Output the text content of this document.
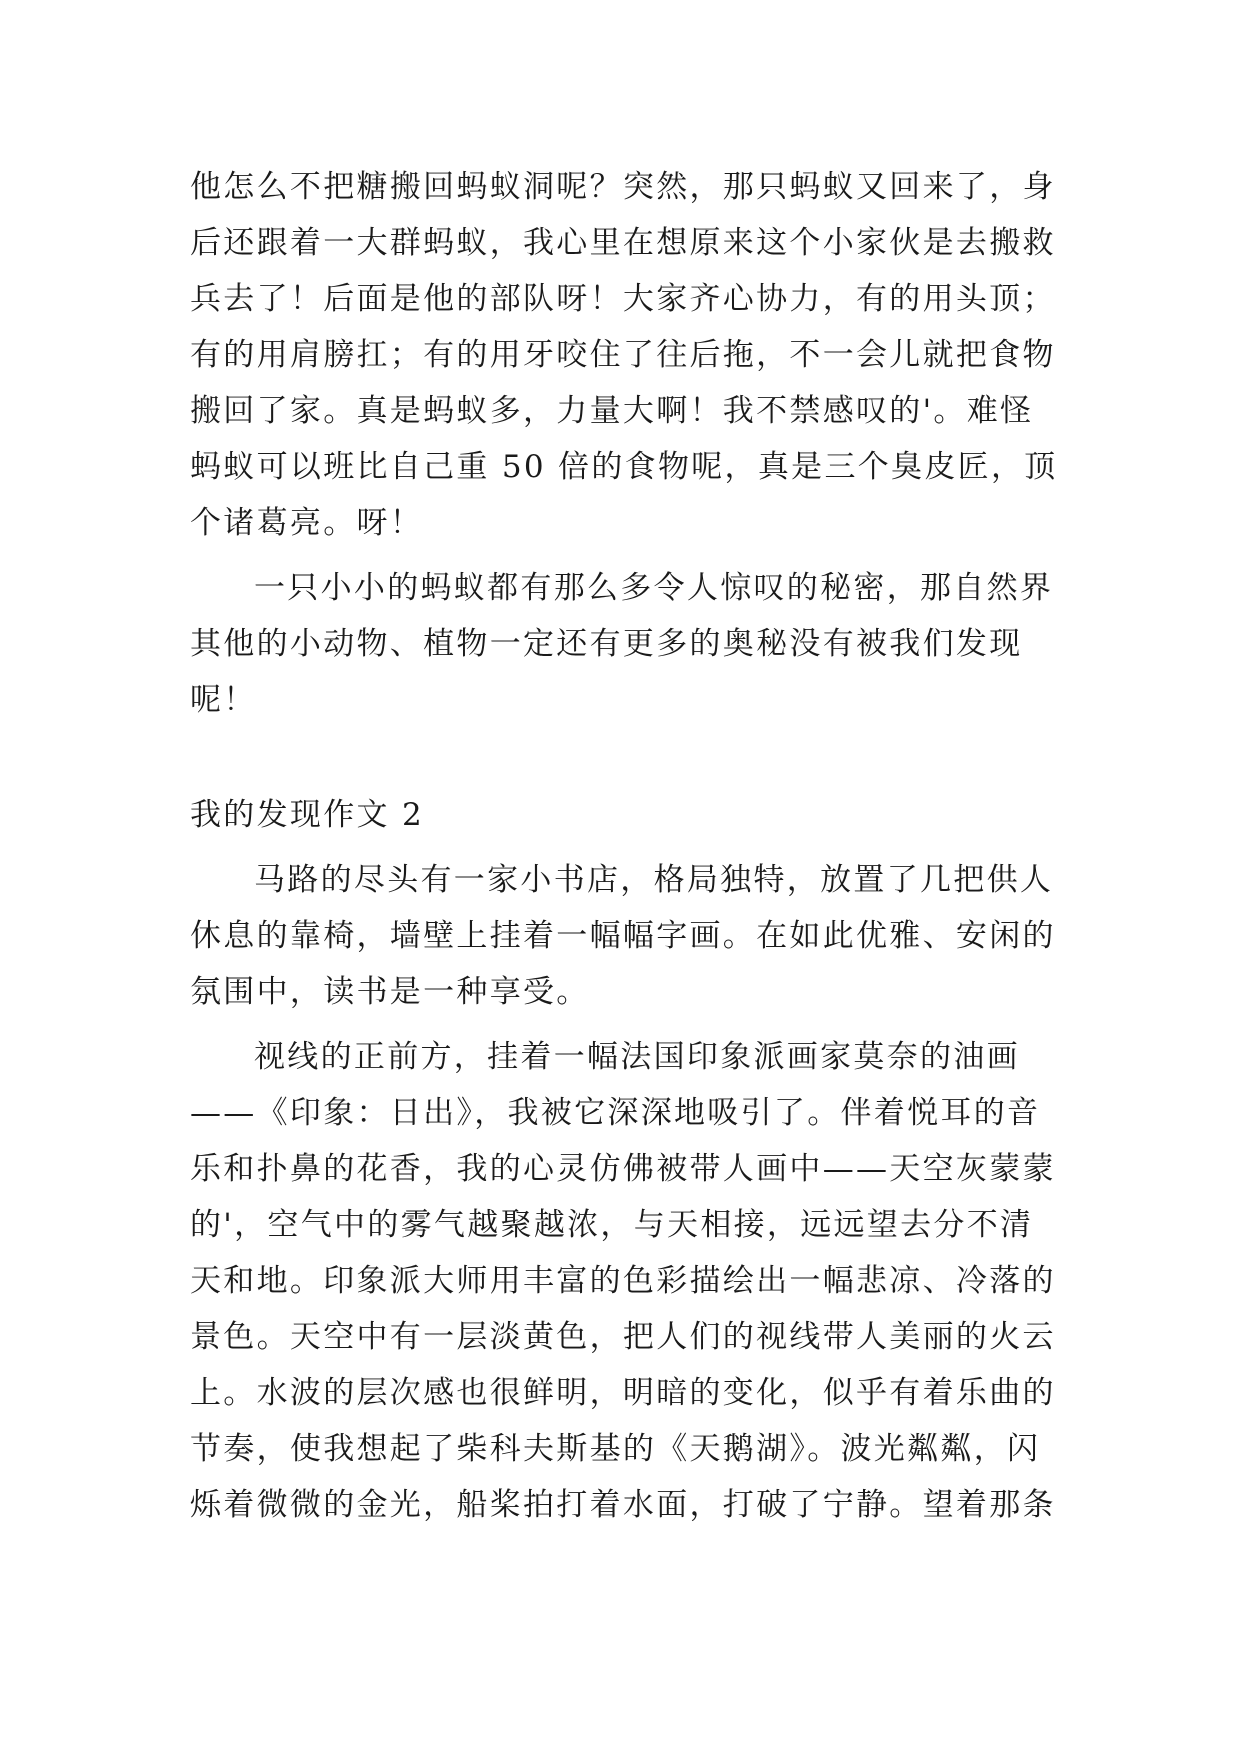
他怎么不把糖搬回蚂蚁洞呢？突然，那只蚂蚁又回来了，身
后还跟着一大群蚂蚁，我心里在想原来这个小家伙是去搬救
兵去了！后面是他的部队呀！大家齐心协力，有的用头顶；
有的用肩膀扛；有的用牙咬住了往后拖，不一会儿就把食物
搬回了家。真是蚂蚁多，力量大啊！我不禁感叹的'。难怪
蚂蚁可以班比自己重 50 倍的食物呢，真是三个臭皮匠，顶
个诸葛亮。呀！
一只小小的蚂蚁都有那么多令人惊叹的秘密，那自然界
其他的小动物、植物一定还有更多的奥秘没有被我们发现
呢！
我的发现作文 2
马路的尽头有一家小书店，格局独特，放置了几把供人
休息的靠椅，墙壁上挂着一幅幅字画。在如此优雅、安闲的
氛围中，读书是一种享受。
视线的正前方，挂着一幅法国印象派画家莫奈的油画
——《印象：日出》，我被它深深地吸引了。伴着悦耳的音
乐和扑鼻的花香，我的心灵仿佛被带人画中——天空灰蒙蒙
的'，空气中的雾气越聚越浓，与天相接，远远望去分不清
天和地。印象派大师用丰富的色彩描绘出一幅悲凉、冷落的
景色。天空中有一层淡黄色，把人们的视线带人美丽的火云
上。水波的层次感也很鲜明，明暗的变化，似乎有着乐曲的
节奏，使我想起了柴科夫斯基的《天鹅湖》。波光粼粼，闪
烁着微微的金光，船桨拍打着水面，打破了宁静。望着那条
